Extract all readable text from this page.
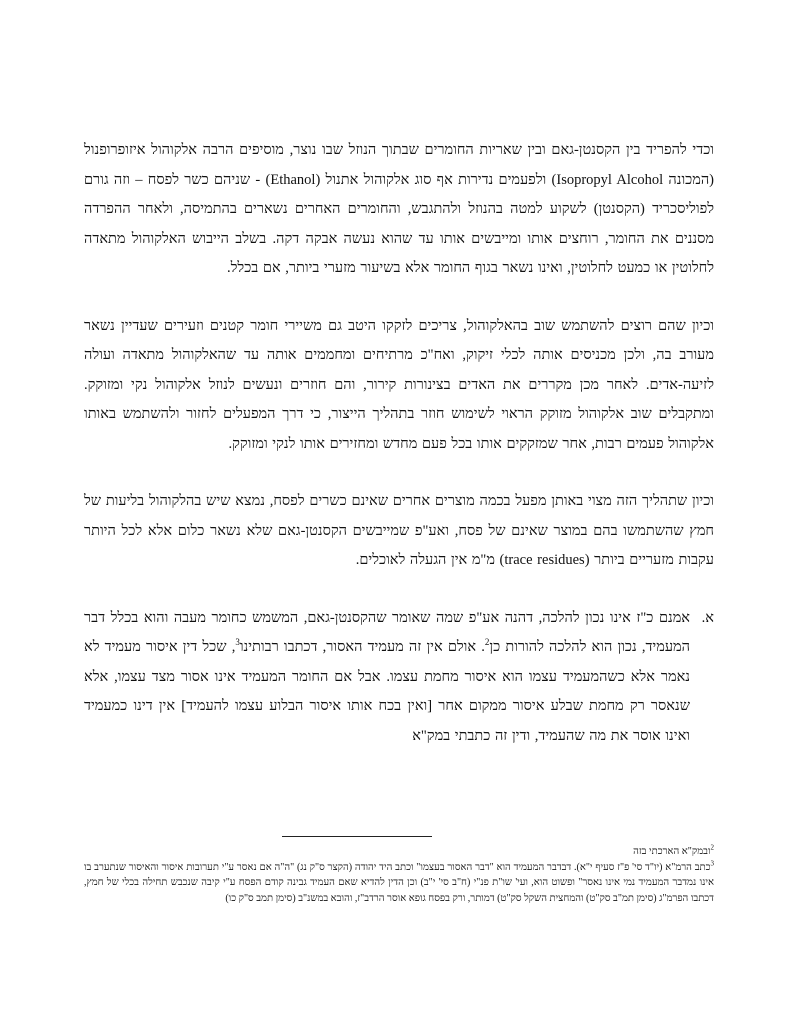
וכדי להפריד בין הקסנטן-גאם ובין שאריות החומרים שבתוך הנוזל שבו נוצר, מוסיפים הרבה אלקוהול איזופרופנול (המכונה Isopropyl Alcohol) ולפעמים נדירות אף סוג אלקוהול אתנול (Ethanol) - שניהם כשר לפסח – וזה גורם לפוליסכריד (הקסנטן) לשקוע למטה בהנוזל ולהתגבש, והחומרים האחרים נשארים בהתמיסה, ולאחר ההפרדה מסננים את החומר, רוחצים אותו ומייבשים אותו עד שהוא נעשה אבקה דקה. בשלב הייבוש האלקוהול מתאדה לחלוטין או כמעט לחלוטין, ואינו נשאר בגוף החומר אלא בשיעור מזערי ביותר, אם בכלל.

וכיון שהם רוצים להשתמש שוב בהאלקוהול, צריכים לזקקו היטב גם משיירי חומר קטנים וזעירים שעדיין נשאר מעורב בה, ולכן מכניסים אותה לכלי זיקוק, ואח"כ מרתיחים ומחממים אותה עד שהאלקוהול מתאדה ועולה לזיעה-אדים. לאחר מכן מקררים את האדים בצינורות קירור, והם חוזרים ונעשים לנוזל אלקוהול נקי ומזוקק. ומתקבלים שוב אלקוהול מזוקק הראוי לשימוש חוזר בתהליך הייצור, כי דרך המפעלים לחזור ולהשתמש באותו אלקוהול פעמים רבות, אחר שמזקקים אותו בכל פעם מחדש ומחזירים אותו לנקי ומזוקק.

וכיון שתהליך הזה מצוי באותן מפעל בכמה מוצרים אחרים שאינם כשרים לפסח, נמצא שיש בהלקוהול בליעות של חמץ שהשתמשו בהם במוצר שאינם של פסח, ואע"פ שמייבשים הקסנטן-גאם שלא נשאר כלום אלא לכל היותר עקבות מזעריים ביותר (trace residues) מ"מ אין הגעלה לאוכלים.

א.
אמנם כ"ז אינו נכון להלכה, דהנה אע"פ שמה שאומר שהקסנטן-גאם, המשמש כחומר מעבה והוא בכלל דבר המעמיד, נכון הוא להלכה להורות כן$^2$. אולם אין זה מעמיד האסור, דכתבו רבותינו$^3$, שכל דין איסור מעמיד לא נאמר אלא כשהמעמיד עצמו הוא איסור מחמת עצמו. אבל אם החומר המעמיד אינו אסור מצד עצמו, אלא שנאסר רק מחמת שבלע איסור ממקום אחר [ואין בכח אותו איסור הבלוע עצמו להעמיד] אין דינו כמעמיד ואינו אוסר את מה שהעמיד, ודין זה כתבתי במק"א

$^2$ובמק"א הארכתי בזה

$^3$כתב הרמ"א (יו"ד סי' פ"ז סעיף י"א). דבדבר המעמיד הוא "דבר האסור בעצמו" וכתב היד יהודה (הקצר ס"ק נג) "ה"ה אם נאסר ע"י תערובות איסור והאיסור שנתערב בו אינו נמדבר המעמיד נמי אינו נאסר" ופשוט הוא, ועי' שו"ת פנ"י (ח"ב סי' י"ב) וכן הדין להדיא שאם העמיד גבינה קודם הפסח ע"י קיבה שנכבש תחילה בכלי של חמץ, דכתבו הפרמ"ג (סימן תמ"ב סק"ט) והמחצית השקל סק"ט) דמותר, ורק בפסח גופא אוסר הרדב"ז, והובא במשנ"ב (סימן תמב ס"ק כו)
